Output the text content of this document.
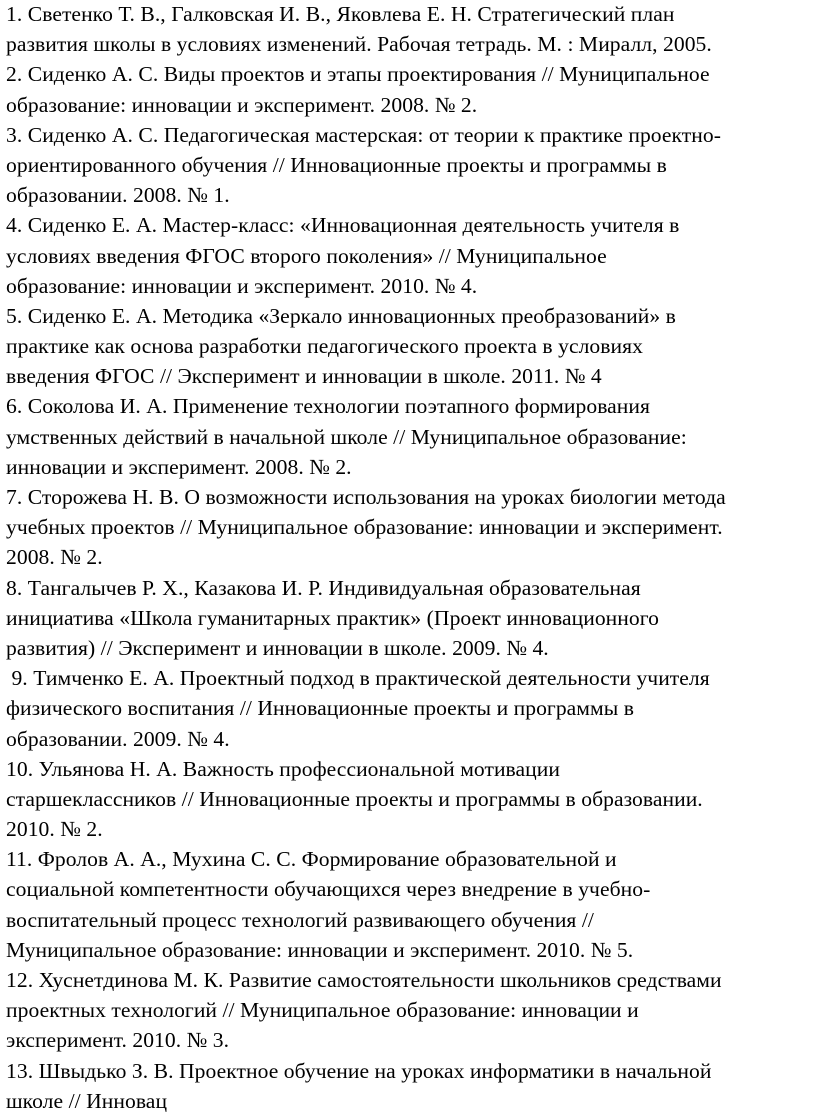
1. Светенко Т. В., Галковская И. В., Яковлева Е. Н. Стратегический план
развития школы в условиях изменений. Рабочая тетрадь. М. : Миралл, 2005.
2. Сиденко А. С. Виды проектов и этапы проектирования // Муниципальное
образование: инновации и эксперимент. 2008. № 2.
3. Сиденко А. С. Педагогическая мастерская: от теории к практике проектно-
ориентированного обучения // Инновационные проекты и программы в
образовании. 2008. № 1.
4. Сиденко Е. А. Мастер-класс: «Инновационная деятельность учителя в
условиях введения ФГОС второго поколения» // Муниципальное
образование: инновации и эксперимент. 2010. № 4.
5. Сиденко Е. А. Методика «Зеркало инновационных преобразований» в
практике как основа разработки педагогического проекта в условиях
введения ФГОС // Эксперимент и инновации в школе. 2011. № 4
6. Соколова И. А. Применение технологии поэтапного формирования
умственных действий в начальной школе // Муниципальное образование:
инновации и эксперимент. 2008. № 2.
7. Сторожева Н. В. О возможности использования на уроках биологии метода
учебных проектов // Муниципальное образование: инновации и эксперимент.
2008. № 2.
8. Тангалычев Р. Х., Казакова И. Р. Индивидуальная образовательная
инициатива «Школа гуманитарных практик» (Проект инновационного
развития) // Эксперимент и инновации в школе. 2009. № 4.
9. Тимченко Е. А. Проектный подход в практической деятельности учителя
физического воспитания // Инновационные проекты и программы в
образовании. 2009. № 4.
10. Ульянова Н. А. Важность профессиональной мотивации
старшеклассников // Инновационные проекты и программы в образовании.
2010. № 2.
11. Фролов А. А., Мухина С. С. Формирование образовательной и
социальной компетентности обучающихся через внедрение в учебно-
воспитательный процесс технологий развивающего обучения //
Муниципальное образование: инновации и эксперимент. 2010. № 5.
12. Хуснетдинова М. К. Развитие самостоятельности школьников средствами
проектных технологий // Муниципальное образование: инновации и
эксперимент. 2010. № 3.
13. Швыдько З. В. Проектное обучение на уроках информатики в начальной
школе // Инновац
